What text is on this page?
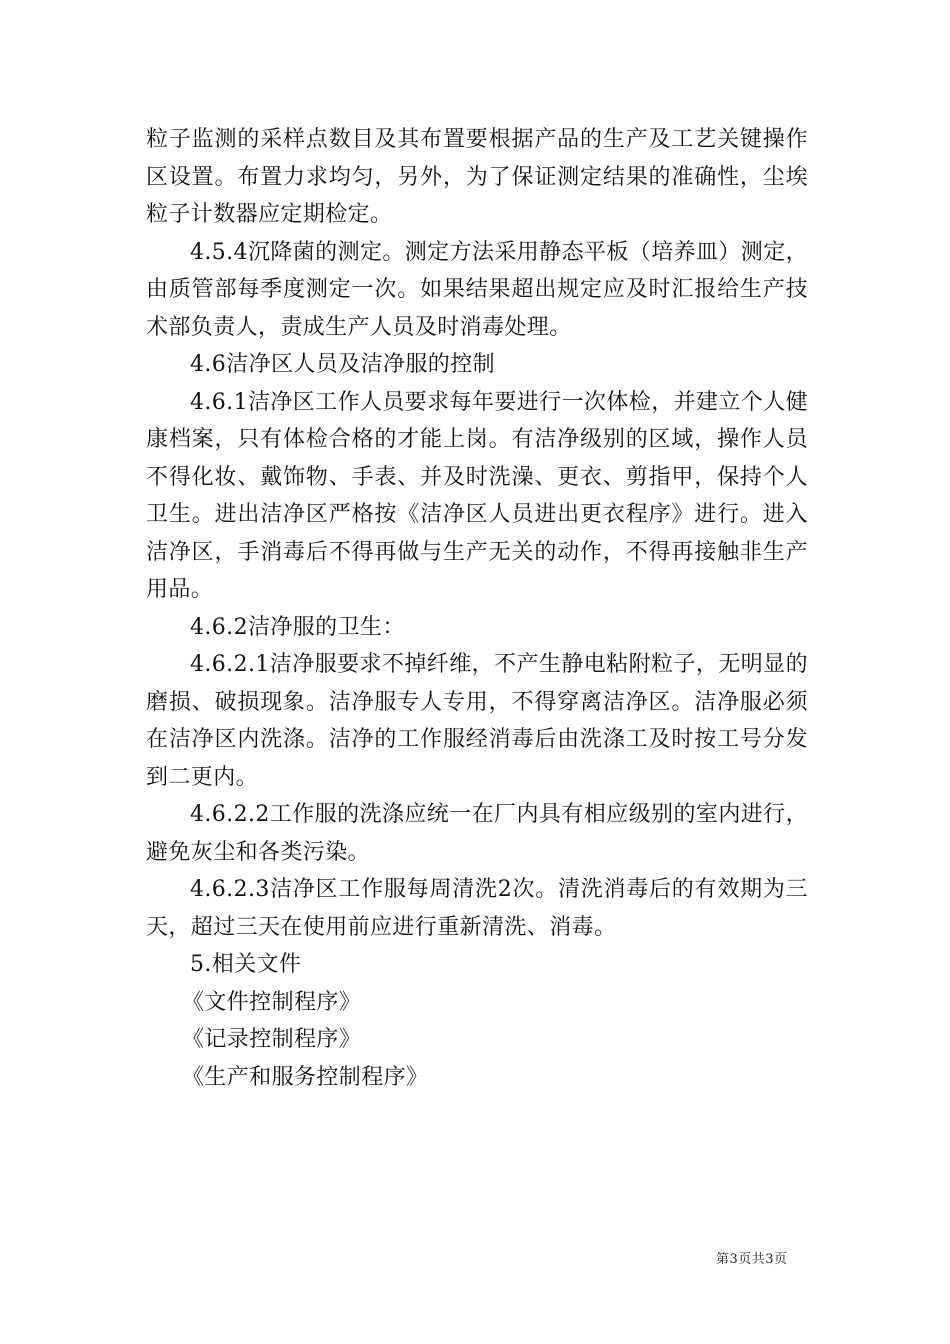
粒子监测的采样点数目及其布置要根据产品的生产及工艺关键操作区设置。布置力求均匀，另外，为了保证测定结果的准确性，尘埃粒子计数器应定期检定。

4.5.4沉降菌的测定。测定方法采用静态平板（培养皿）测定，由质管部每季度测定一次。如果结果超出规定应及时汇报给生产技术部负责人，责成生产人员及时消毒处理。

4.6洁净区人员及洁净服的控制

4.6.1洁净区工作人员要求每年要进行一次体检，并建立个人健康档案，只有体检合格的才能上岗。有洁净级别的区域，操作人员不得化妆、戴饰物、手表、并及时洗澡、更衣、剪指甲，保持个人卫生。进出洁净区严格按《洁净区人员进出更衣程序》进行。进入洁净区，手消毒后不得再做与生产无关的动作，不得再接触非生产用品。

4.6.2洁净服的卫生：

4.6.2.1洁净服要求不掉纤维，不产生静电粘附粒子，无明显的磨损、破损现象。洁净服专人专用，不得穿离洁净区。洁净服必须在洁净区内洗涤。洁净的工作服经消毒后由洗涤工及时按工号分发到二更内。

4.6.2.2工作服的洗涤应统一在厂内具有相应级别的室内进行，避免灰尘和各类污染。

4.6.2.3洁净区工作服每周清洗2次。清洗消毒后的有效期为三天，超过三天在使用前应进行重新清洗、消毒。

5.相关文件

《文件控制程序》

《记录控制程序》

《生产和服务控制程序》

第3页共3页
